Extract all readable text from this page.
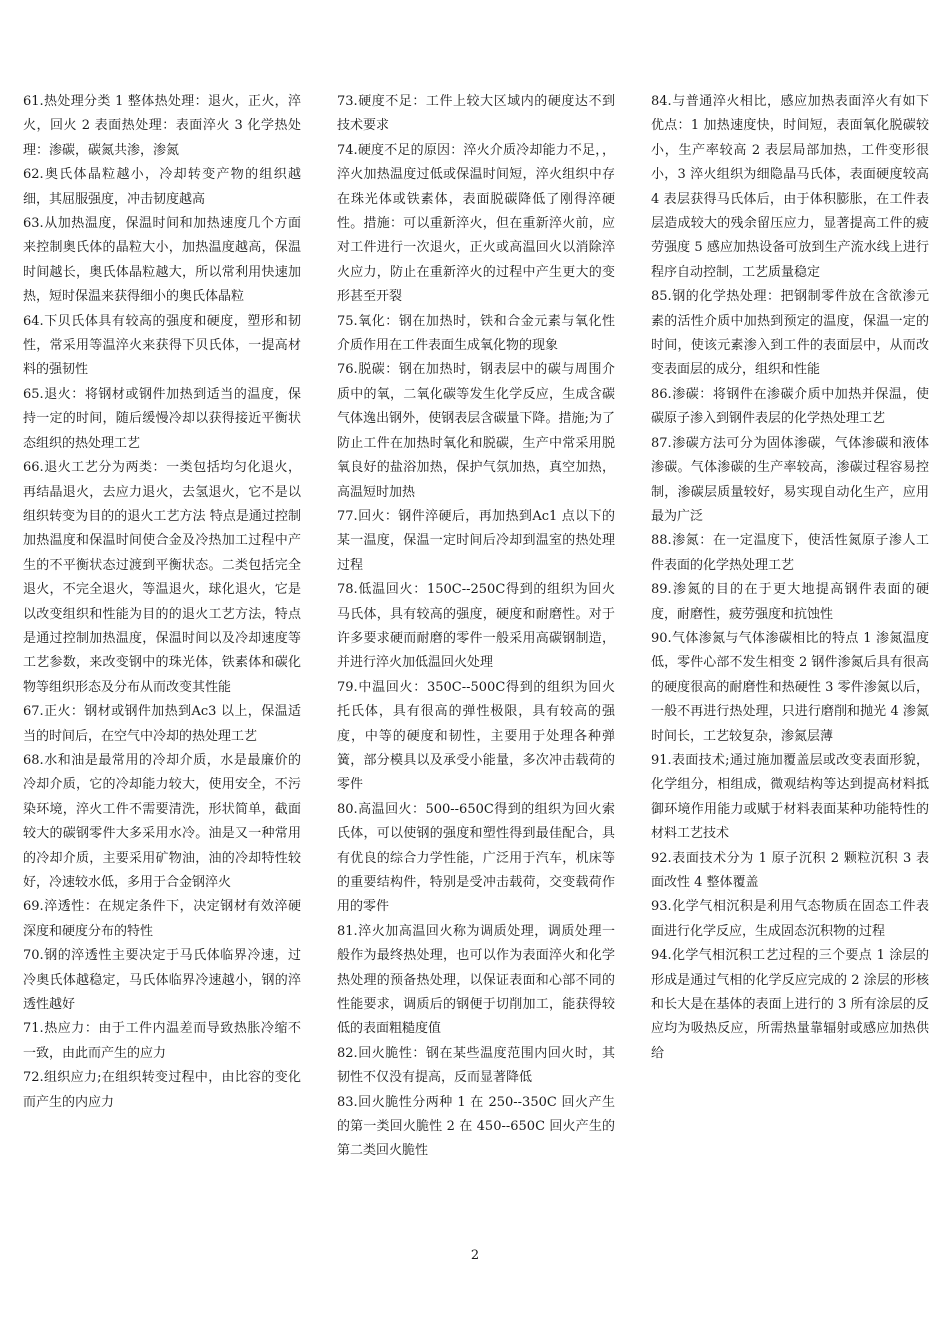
61.热处理分类 1 整体热处理：退火，正火，淬火，回火 2 表面热处理：表面淬火 3 化学热处理：渗碳，碳氮共渗，渗氮

62.奥氏体晶粒越小，冷却转变产物的组织越细，其屈服强度，冲击韧度越高

63.从加热温度，保温时间和加热速度几个方面来控制奥氏体的晶粒大小，加热温度越高，保温时间越长，奥氏体晶粒越大，所以常利用快速加热，短时保温来获得细小的奥氏体晶粒

64.下贝氏体具有较高的强度和硬度，塑形和韧性，常采用等温淬火来获得下贝氏体，一提高材料的强韧性

65.退火：将钢材或钢件加热到适当的温度，保持一定的时间，随后缓慢冷却以获得接近平衡状态组织的热处理工艺

66.退火工艺分为两类：一类包括均匀化退火，再结晶退火，去应力退火，去氢退火，它不是以组织转变为目的的退火工艺方法 特点是通过控制加热温度和保温时间使合金及冷热加工过程中产生的不平衡状态过渡到平衡状态。二类包括完全退火，不完全退火，等温退火，球化退火，它是以改变组织和性能为目的的退火工艺方法，特点是通过控制加热温度，保温时间以及冷却速度等工艺参数，来改变钢中的珠光体，铁素体和碳化物等组织形态及分布从而改变其性能

67.正火：钢材或钢件加热到Ac3 以上，保温适当的时间后，在空气中冷却的热处理工艺

68.水和油是最常用的冷却介质，水是最廉价的冷却介质，它的冷却能力较大，使用安全，不污染环境，淬火工件不需要清洗，形状简单，截面较大的碳钢零件大多采用水冷。油是又一种常用的冷却介质，主要采用矿物油，油的冷却特性较好，冷速较水低，多用于合金钢淬火

69.淬透性：在规定条件下，决定钢材有效淬硬深度和硬度分布的特性

70.钢的淬透性主要决定于马氏体临界冷速，过冷奥氏体越稳定，马氏体临界冷速越小，钢的淬透性越好

71.热应力：由于工件内温差而导致热胀冷缩不一致，由此而产生的应力

72.组织应力;在组织转变过程中，由比容的变化而产生的内应力

73.硬度不足：工件上较大区域内的硬度达不到技术要求

74.硬度不足的原因：淬火介质冷却能力不足，，淬火加热温度过低或保温时间短，淬火组织中存在珠光体或铁素体，表面脱碳降低了刚得淬硬性。措施：可以重新淬火，但在重新淬火前，应对工件进行一次退火，正火或高温回火以消除淬火应力，防止在重新淬火的过程中产生更大的变形甚至开裂

75.氧化：钢在加热时，铁和合金元素与氧化性介质作用在工件表面生成氧化物的现象

76.脱碳：钢在加热时，钢表层中的碳与周围介质中的氧，二氧化碳等发生化学反应，生成含碳气体逸出钢外，使钢表层含碳量下降。措施;为了防止工件在加热时氧化和脱碳，生产中常采用脱氧良好的盐浴加热，保护气氛加热，真空加热，高温短时加热

77.回火：钢件淬硬后，再加热到Ac1 点以下的某一温度，保温一定时间后冷却到温室的热处理过程

78.低温回火：150C--250C得到的组织为回火马氏体，具有较高的强度，硬度和耐磨性。对于许多要求硬而耐磨的零件一般采用高碳钢制造，并进行淬火加低温回火处理

79.中温回火：350C--500C得到的组织为回火托氏体，具有很高的弹性极限，具有较高的强度，中等的硬度和韧性，主要用于处理各种弹簧，部分模具以及承受小能量，多次冲击载荷的零件

80.高温回火：500--650C得到的组织为回火索氏体，可以使钢的强度和塑性得到最佳配合，具有优良的综合力学性能，广泛用于汽车，机床等的重要结构件，特别是受冲击载荷，交变载荷作用的零件

81.淬火加高温回火称为调质处理，调质处理一般作为最终热处理，也可以作为表面淬火和化学热处理的预备热处理，以保证表面和心部不同的性能要求，调质后的钢便于切削加工，能获得较低的表面粗糙度值

82.回火脆性：钢在某些温度范围内回火时，其韧性不仅没有提高，反而显著降低

83.回火脆性分两种 1 在 250--350C 回火产生的第一类回火脆性 2 在 450--650C 回火产生的第二类回火脆性

84.与普通淬火相比，感应加热表面淬火有如下优点：1 加热速度快，时间短，表面氧化脱碳较小，生产率较高 2 表层局部加热，工件变形很小，3 淬火组织为细隐晶马氏体，表面硬度较高 4 表层获得马氏体后，由于体积膨胀，在工件表层造成较大的残余留压应力，显著提高工件的疲劳强度 5 感应加热设备可放到生产流水线上进行程序自动控制，工艺质量稳定

85.钢的化学热处理：把钢制零件放在含欲渗元素的活性介质中加热到预定的温度，保温一定的时间，使该元素渗入到工件的表面层中，从而改变表面层的成分，组织和性能

86.渗碳：将钢件在渗碳介质中加热并保温，使碳原子渗入到钢件表层的化学热处理工艺

87.渗碳方法可分为固体渗碳，气体渗碳和液体渗碳。气体渗碳的生产率较高，渗碳过程容易控制，渗碳层质量较好，易实现自动化生产，应用最为广泛

88.渗氮：在一定温度下，使活性氮原子渗人工件表面的化学热处理工艺

89.渗氮的目的在于更大地提高钢件表面的硬度，耐磨性，疲劳强度和抗蚀性

90.气体渗氮与气体渗碳相比的特点 1 渗氮温度低，零件心部不发生相变 2 钢件渗氮后具有很高的硬度很高的耐磨性和热硬性 3 零件渗氮以后，一般不再进行热处理，只进行磨削和抛光 4 渗氮时间长，工艺较复杂，渗氮层薄

91.表面技术;通过施加覆盖层或改变表面形貌，化学组分，相组成，微观结构等达到提高材料抵御环境作用能力或赋于材料表面某种功能特性的材料工艺技术

92.表面技术分为 1 原子沉积 2 颗粒沉积 3 表面改性 4 整体覆盖

93.化学气相沉积是利用气态物质在固态工件表面进行化学反应，生成固态沉积物的过程

94.化学气相沉积工艺过程的三个要点 1 涂层的形成是通过气相的化学反应完成的 2 涂层的形核和长大是在基体的表面上进行的 3 所有涂层的反应均为吸热反应，所需热量靠辐射或感应加热供给

2
